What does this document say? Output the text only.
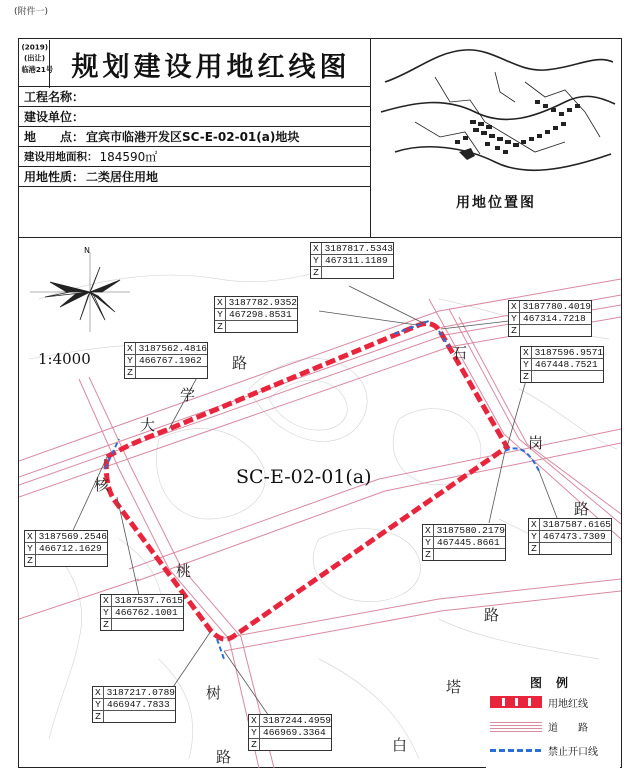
(附件一)
(2019)
(出让)
临港21号 规划建设用地红线图
工程名称：
建设单位：
地　　点： 宜宾市临港开发区SC-E-02-01(a)地块
建设用地面积： 184590㎡
用地性质： 二类居住用地
用地位置图
N
1:4000
SC-E-02-01(a)
大
学
路
石
岗
路
核
桃
路
塔
白
树
路
X 3187817.5343
Y 467311.1189
Z
X 3187782.9352
Y 467298.8531
Z
X 3187780.4019
Y 467314.7218
Z
X 3187562.4816
Y 466767.1962
Z
X 3187596.9571
Y 467448.7521
Z
X 3187569.2546
Y 466712.1629
Z
X 3187580.2179
Y 467445.8661
Z
X 3187587.6165
Y 467473.7309
Z
X 3187537.7615
Y 466762.1001
Z
X 3187217.0789
Y 466947.7833
Z	X 3187244.4959
Y 466969.3364
Z
图例
用地红线
道　　路
禁止开口线
